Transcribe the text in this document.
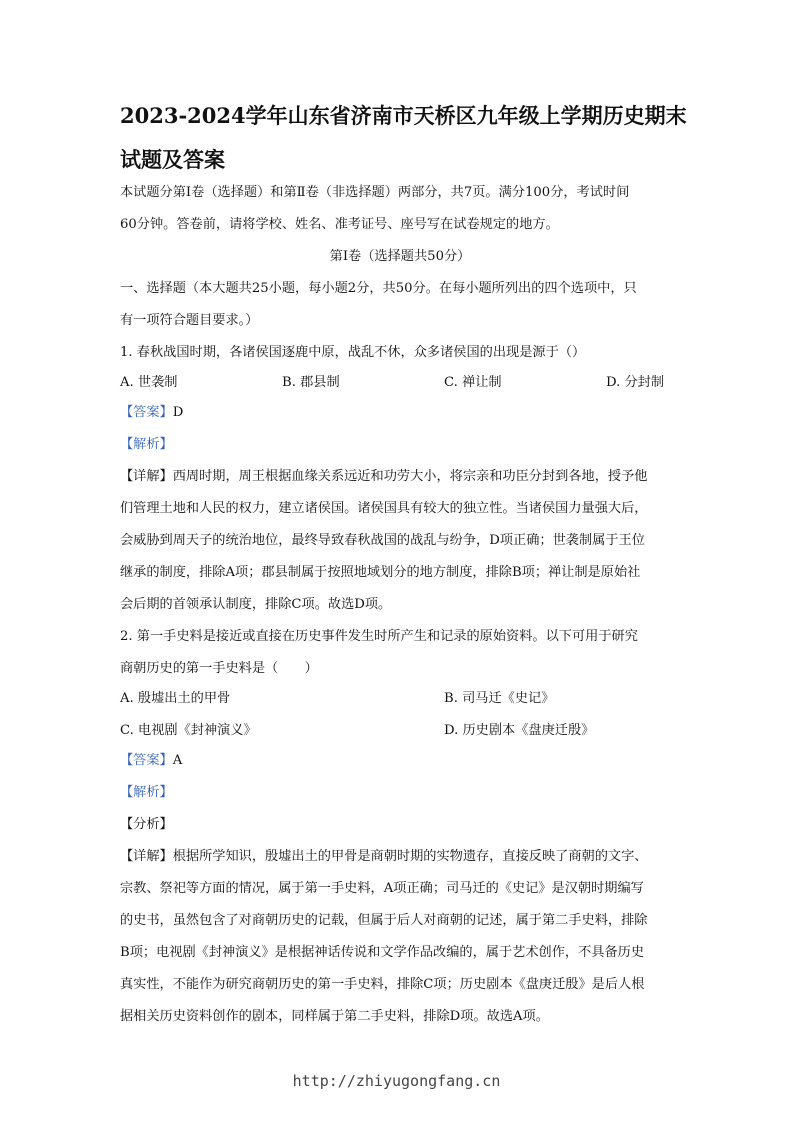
2023-2024学年山东省济南市天桥区九年级上学期历史期末
试题及答案
本试题分第Ⅰ卷（选择题）和第Ⅱ卷（非选择题）两部分，共7页。满分100分，考试时间
60分钟。答卷前，请将学校、姓名、准考证号、座号写在试卷规定的地方。
第Ⅰ卷（选择题共50分）
一、选择题（本大题共25小题，每小题2分，共50分。在每小题所列出的四个选项中，只
有一项符合题目要求。）
1. 春秋战国时期，各诸侯国逐鹿中原，战乱不休，众多诸侯国的出现是源于（）
A. 世袭制	B. 郡县制	C. 禅让制	D. 分封制
【答案】D
【解析】
【详解】西周时期，周王根据血缘关系远近和功劳大小，将宗亲和功臣分封到各地，授予他
们管理土地和人民的权力，建立诸侯国。诸侯国具有较大的独立性。当诸侯国力量强大后，
会威胁到周天子的统治地位，最终导致春秋战国的战乱与纷争，D项正确；世袭制属于王位
继承的制度，排除A项；郡县制属于按照地域划分的地方制度，排除B项；禅让制是原始社
会后期的首领承认制度，排除C项。故选D项。
2. 第一手史料是接近或直接在历史事件发生时所产生和记录的原始资料。以下可用于研究
商朝历史的第一手史料是（　　）
A. 殷墟出土的甲骨	B. 司马迁《史记》
C. 电视剧《封神演义》	D. 历史剧本《盘庚迁殷》
【答案】A
【解析】
【分析】
【详解】根据所学知识，殷墟出土的甲骨是商朝时期的实物遗存，直接反映了商朝的文字、
宗教、祭祀等方面的情况，属于第一手史料，A项正确；司马迁的《史记》是汉朝时期编写
的史书，虽然包含了对商朝历史的记载，但属于后人对商朝的记述，属于第二手史料，排除
B项；电视剧《封神演义》是根据神话传说和文学作品改编的，属于艺术创作，不具备历史
真实性，不能作为研究商朝历史的第一手史料，排除C项；历史剧本《盘庚迁殷》是后人根
据相关历史资料创作的剧本，同样属于第二手史料，排除D项。故选A项。
http://zhiyugongfang.cn
